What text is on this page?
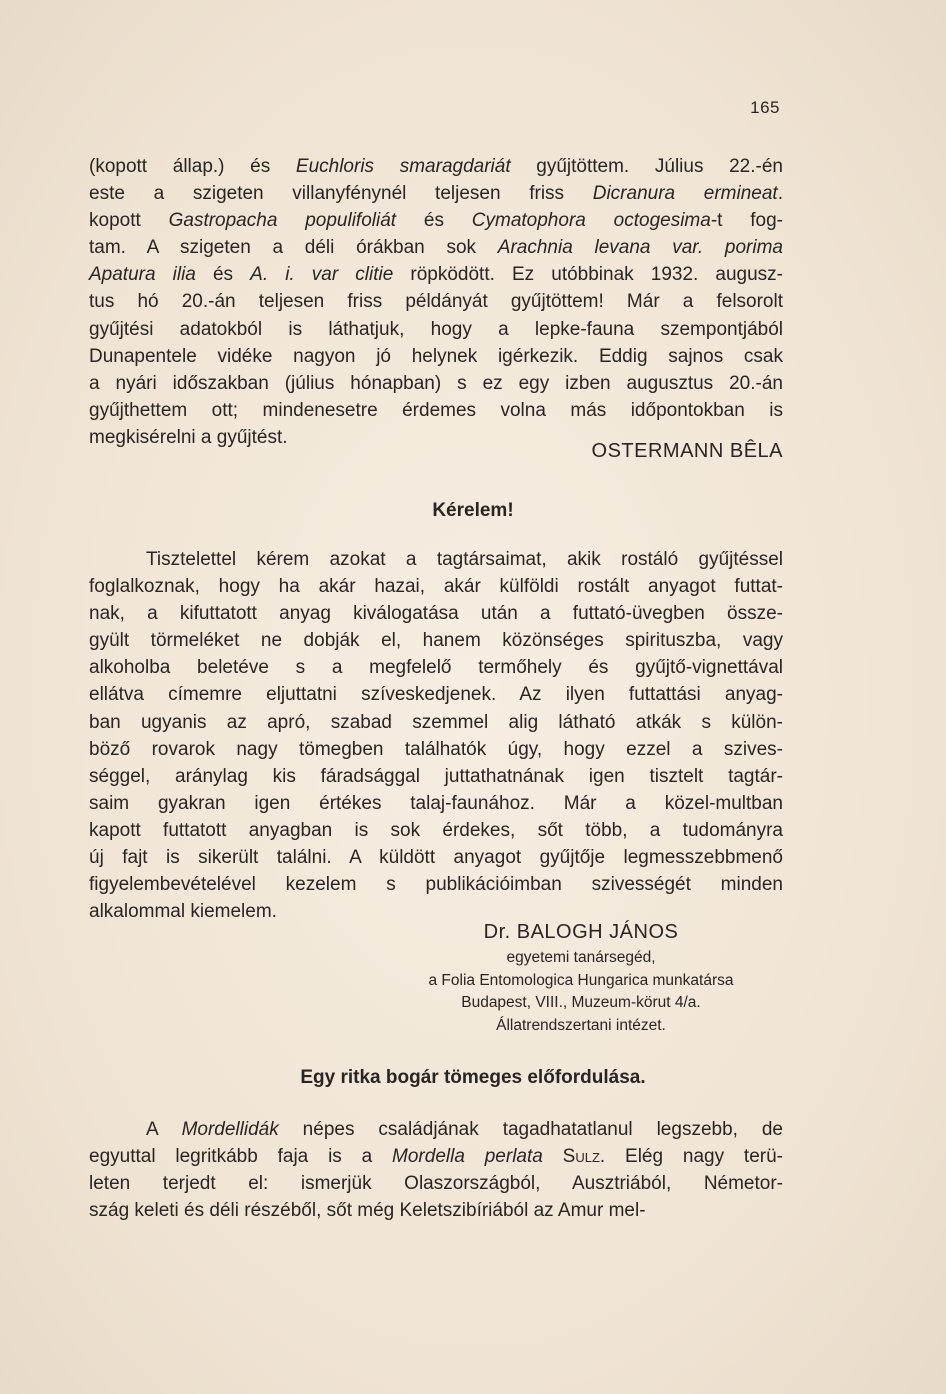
165
(kopott állap.) és Euchloris smaragdariát gyűjtöttem. Július 22.-én
este a szigeten villanyfénynél teljesen friss Dicranura ermineat.
kopott Gastropacha populifoliát és Cymatophora octogesima-t fog-
tam. A szigeten a déli órákban sok Arachnia levana var. porima
Apatura ilia és A. i. var clitie röpködött. Ez utóbbinak 1932. augusz-
tus hó 20.-án teljesen friss példányát gyűjtöttem! Már a felsorolt
gyűjtési adatokból is láthatjuk, hogy a lepke-fauna szempontjából
Dunapentele vidéke nagyon jó helynek igérkezik. Eddig sajnos csak
a nyári időszakban (július hónapban) s ez egy izben augusztus 20.-án
gyűjthettem ott; mindenesetre érdemes volna más időpontokban is
megkisérelni a gyűjtést.
OSTERMANN BÊLA
Kérelem!
Tisztelettel kérem azokat a tagtársaimat, akik rostáló gyűjtéssel
foglalkoznak, hogy ha akár hazai, akár külföldi rostált anyagot futtat-
nak, a kifuttatott anyag kiválogatása után a futtató-üvegben össze-
gyült törmeléket ne dobják el, hanem közönséges spirituszba, vagy
alkoholba beletéve s a megfelelő termőhely és gyűjtő-vignettával
ellátva címemre eljuttatni szíveskedjenek. Az ilyen futtattási anyag-
ban ugyanis az apró, szabad szemmel alig látható atkák s külön-
böző rovarok nagy tömegben találhatók úgy, hogy ezzel a szives-
séggel, aránylag kis fáradsággal juttathatnának igen tisztelt tagtár-
saim gyakran igen értékes talaj-faunához. Már a közel-multban
kapott futtatott anyagban is sok érdekes, sőt több, a tudományra
új fajt is sikerült találni. A küldött anyagot gyűjtője legmesszebbmenő
figyelembevételével kezelem s publikációimban szivességét minden
alkalommal kiemelem.
Dr. BALOGH JÁNOS
egyetemi tanársegéd,
a Folia Entomologica Hungarica munkatársa
Budapest, VIII., Muzeum-körut 4/a.
Állatrendszertani intézet.
Egy ritka bogár tömeges előfordulása.
A Mordellidák népes családjának tagadhatatlanul legszebb, de
egyuttal legritkább faja is a Mordella perlata Sulz. Elég nagy terü-
leten terjedt el: ismerjük Olaszországból, Ausztriából, Németor-
szág keleti és déli részéből, sőt még Keletszibíriából az Amur mel-
